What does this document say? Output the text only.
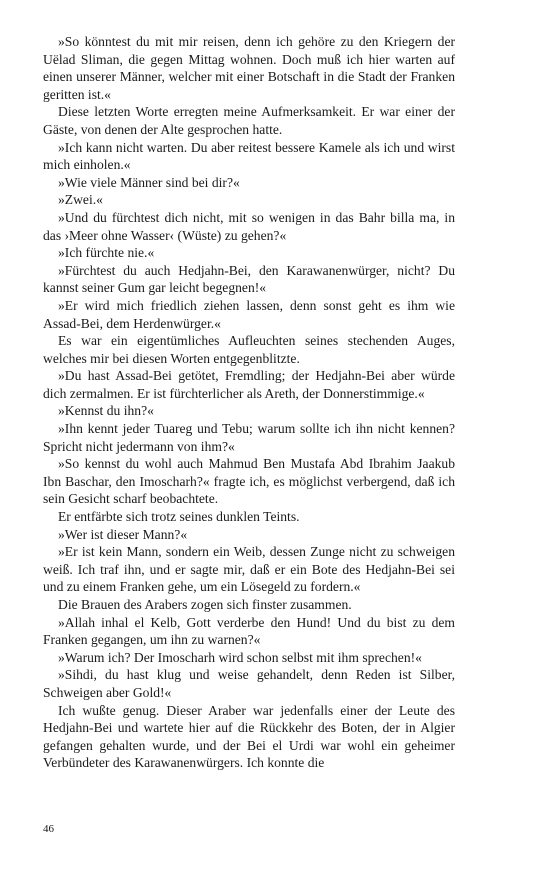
»So könntest du mit mir reisen, denn ich gehöre zu den Kriegern der Uëlad Sliman, die gegen Mittag wohnen. Doch muß ich hier warten auf einen unserer Männer, welcher mit einer Botschaft in die Stadt der Franken geritten ist.«

Diese letzten Worte erregten meine Aufmerksamkeit. Er war einer der Gäste, von denen der Alte gesprochen hatte.

»Ich kann nicht warten. Du aber reitest bessere Kamele als ich und wirst mich einholen.«

»Wie viele Männer sind bei dir?«

»Zwei.«

»Und du fürchtest dich nicht, mit so wenigen in das Bahr billa ma, in das ›Meer ohne Wasser‹ (Wüste) zu gehen?«

»Ich fürchte nie.«

»Fürchtest du auch Hedjahn-Bei, den Karawanenwürger, nicht? Du kannst seiner Gum gar leicht begegnen!«

»Er wird mich friedlich ziehen lassen, denn sonst geht es ihm wie Assad-Bei, dem Herdenwürger.«

Es war ein eigentümliches Aufleuchten seines stechenden Auges, welches mir bei diesen Worten entgegenblitzte.

»Du hast Assad-Bei getötet, Fremdling; der Hedjahn-Bei aber würde dich zermalmen. Er ist fürchterlicher als Areth, der Donnerstimmige.«

»Kennst du ihn?«

»Ihn kennt jeder Tuareg und Tebu; warum sollte ich ihn nicht kennen? Spricht nicht jedermann von ihm?«

»So kennst du wohl auch Mahmud Ben Mustafa Abd Ibrahim Jaakub Ibn Baschar, den Imoscharh?« fragte ich, es möglichst verbergend, daß ich sein Gesicht scharf beobachtete.

Er entfärbte sich trotz seines dunklen Teints.

»Wer ist dieser Mann?«

»Er ist kein Mann, sondern ein Weib, dessen Zunge nicht zu schweigen weiß. Ich traf ihn, und er sagte mir, daß er ein Bote des Hedjahn-Bei sei und zu einem Franken gehe, um ein Lösegeld zu fordern.«

Die Brauen des Arabers zogen sich finster zusammen.

»Allah inhal el Kelb, Gott verderbe den Hund! Und du bist zu dem Franken gegangen, um ihn zu warnen?«

»Warum ich? Der Imoscharh wird schon selbst mit ihm sprechen!«

»Sihdi, du hast klug und weise gehandelt, denn Reden ist Silber, Schweigen aber Gold!«

Ich wußte genug. Dieser Araber war jedenfalls einer der Leute des Hedjahn-Bei und wartete hier auf die Rückkehr des Boten, der in Algier gefangen gehalten wurde, und der Bei el Urdi war wohl ein geheimer Verbündeter des Karawanenwürgers. Ich konnte die

46
